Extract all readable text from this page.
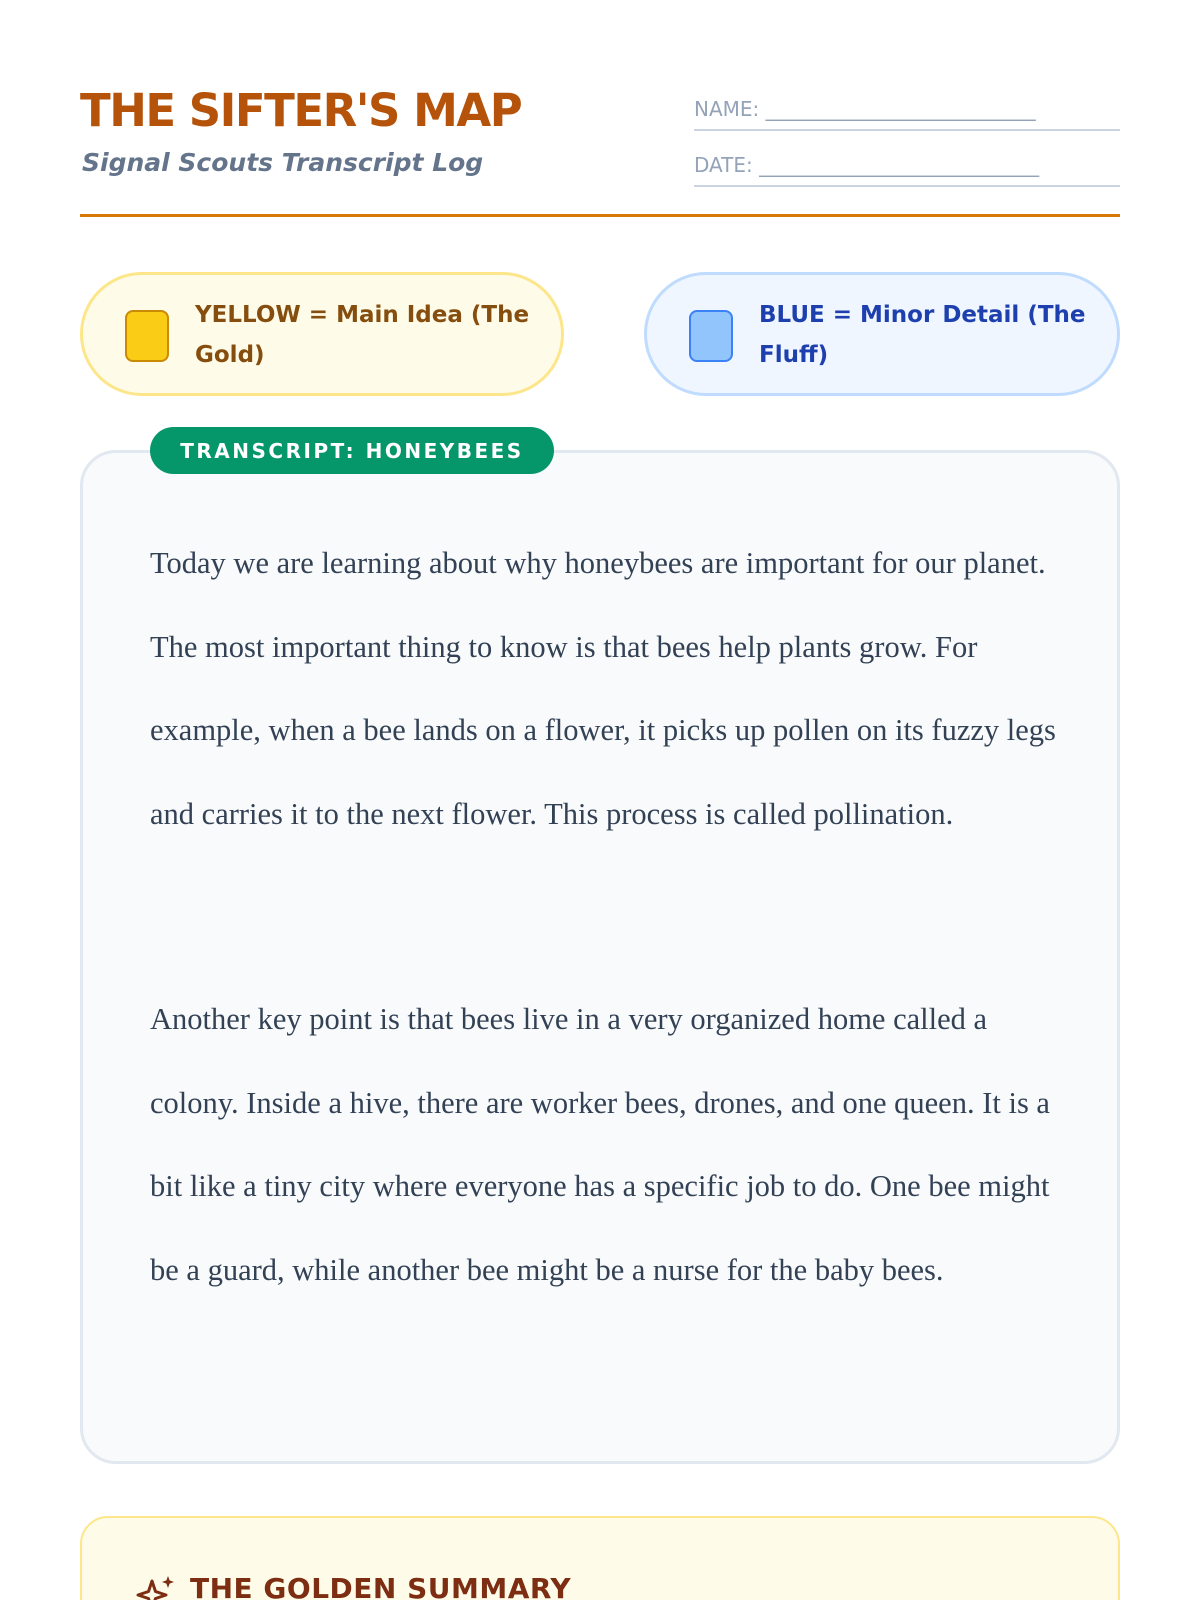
THE SIFTER'S MAP
Signal Scouts Transcript Log
NAME: ___________________________
DATE: ____________________________
YELLOW = Main Idea (The Gold)
BLUE = Minor Detail (The Fluff)
TRANSCRIPT: HONEYBEES

Today we are learning about why honeybees are important for our planet. The most important thing to know is that bees help plants grow. For example, when a bee lands on a flower, it picks up pollen on its fuzzy legs and carries it to the next flower. This process is called pollination.

Another key point is that bees live in a very organized home called a colony. Inside a hive, there are worker bees, drones, and one queen. It is a bit like a tiny city where everyone has a specific job to do. One bee might be a guard, while another bee might be a nurse for the baby bees.

THE GOLDEN SUMMARY
